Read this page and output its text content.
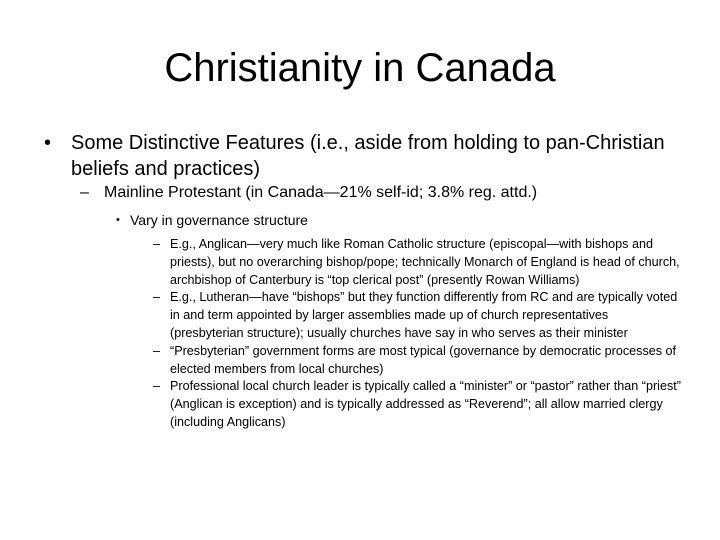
Christianity in Canada
• Some Distinctive Features (i.e., aside from holding to pan-Christian beliefs and practices)
– Mainline Protestant (in Canada—21% self-id; 3.8% reg. attd.)
• Vary in governance structure
– E.g., Anglican—very much like Roman Catholic structure (episcopal—with bishops and priests), but no overarching bishop/pope; technically Monarch of England is head of church, archbishop of Canterbury is “top clerical post” (presently Rowan Williams)
– E.g., Lutheran—have “bishops” but they function differently from RC and are typically voted in and term appointed by larger assemblies made up of church representatives (presbyterian structure); usually churches have say in who serves as their minister
– “Presbyterian” government forms are most typical (governance by democratic processes of elected members from local churches)
– Professional local church leader is typically called a “minister” or “pastor” rather than “priest” (Anglican is exception) and is typically addressed as “Reverend”; all allow married clergy (including Anglicans)
